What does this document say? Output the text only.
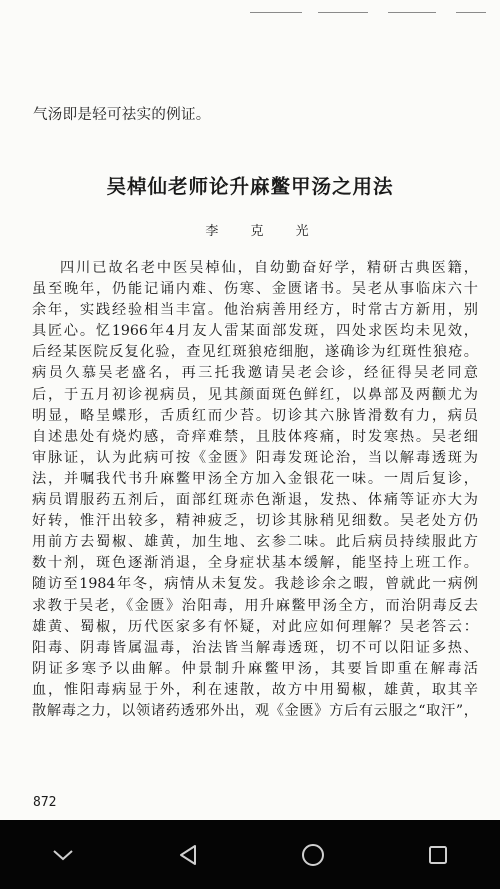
气汤即是轻可祛实的例证。
吴棹仙老师论升麻鳖甲汤之用法
李 克 光
四川已故名老中医吴棹仙，自幼勤奋好学，精研古典医籍，
虽至晚年，仍能记诵内难、伤寒、金匮诸书。吴老从事临床六十
余年，实践经验相当丰富。他治病善用经方，时常古方新用，别
具匠心。忆1966年4月友人雷某面部发斑，四处求医均未见效，
后经某医院反复化验，查见红斑狼疮细胞，遂确诊为红斑性狼疮。
病员久慕吴老盛名，再三托我邀请吴老会诊，经征得吴老同意
后，于五月初诊视病员，见其颜面斑色鲜红，以鼻部及两颧尤为
明显，略呈蝶形，舌质红而少苔。切诊其六脉皆滑数有力，病员
自述患处有烧灼感，奇痒难禁，且肢体疼痛，时发寒热。吴老细
审脉证，认为此病可按《金匮》阳毒发斑论治，当以解毒透斑为
法，并嘱我代书升麻鳖甲汤全方加入金银花一味。一周后复诊，
病员谓服药五剂后，面部红斑赤色渐退，发热、体痛等证亦大为
好转，惟汗出较多，精神疲乏，切诊其脉稍见细数。吴老处方仍
用前方去蜀椒、雄黄，加生地、玄参二味。此后病员持续服此方
数十剂，斑色逐渐消退，全身症状基本缓解，能坚持上班工作。
随访至1984年冬，病情从未复发。我趁诊余之暇，曾就此一病例
求教于吴老，《金匮》治阳毒，用升麻鳖甲汤全方，而治阴毒反去
雄黄、蜀椒，历代医家多有怀疑，对此应如何理解？吴老答云：
阳毒、阴毒皆属温毒，治法皆当解毒透斑，切不可以阳证多热、
阴证多寒予以曲解。仲景制升麻鳖甲汤，其要旨即重在解毒活
血，惟阳毒病显于外，利在速散，故方中用蜀椒，雄黄，取其辛
散解毒之力，以领诸药透邪外出，观《金匮》方后有云服之“取汗”，
872
